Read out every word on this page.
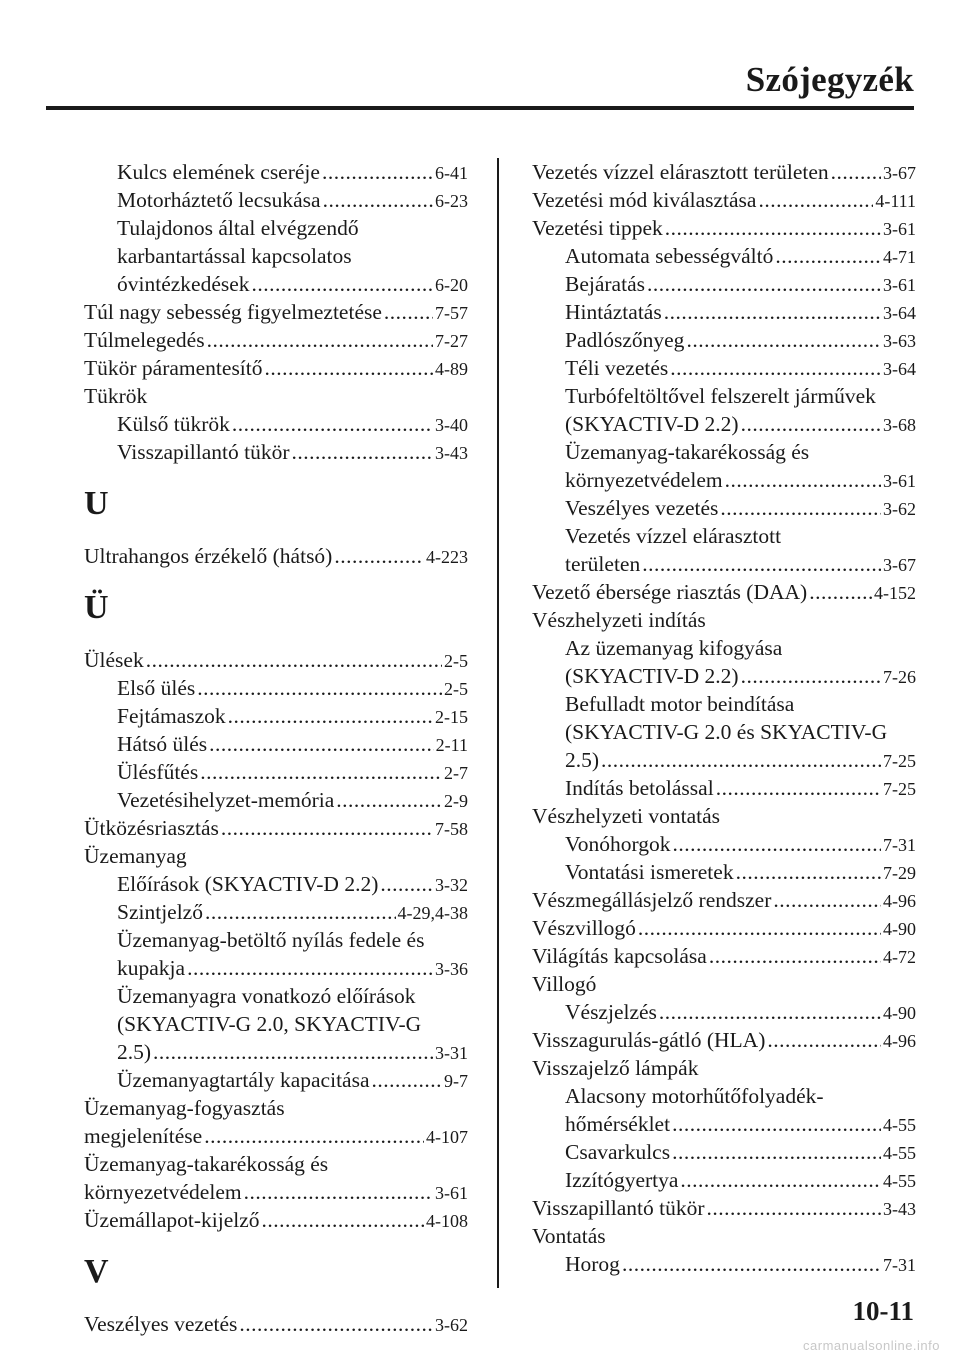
Szójegyzék
Kulcs elemének cseréje .....	6-41
Motorháztető lecsukása .....	6-23
Tulajdonos által elvégzendő
karbantartással kapcsolatos
óvintézkedések .....	6-20
Túl nagy sebesség figyelmeztetése .....	7-57
Túlmelegedés .....	7-27
Tükör páramentesítő .....	4-89
Tükrök
Külső tükrök .....	3-40
Visszapillantó tükör .....	3-43
U
Ultrahangos érzékelő (hátsó) .....	4-223
Ü
Ülések .....	2-5
Első ülés .....	2-5
Fejtámaszok .....	2-15
Hátsó ülés .....	2-11
Ülésfűtés .....	2-7
Vezetésihelyzet-memória .....	2-9
Ütközésriasztás .....	7-58
Üzemanyag
Előírások (SKYACTIV-D 2.2) .....	3-32
Szintjelző .....	4-29,4-38
Üzemanyag-betöltő nyílás fedele és
kupakja .....	3-36
Üzemanyagra vonatkozó előírások
(SKYACTIV-G 2.0, SKYACTIV-G
2.5) .....	3-31
Üzemanyagtartály kapacitása .....	9-7
Üzemanyag-fogyasztás
megjelenítése .....	4-107
Üzemanyag-takarékosság és
környezetvédelem .....	3-61
Üzemállapot-kijelző .....	4-108
V
Veszélyes vezetés .....	3-62
Vezetés vízzel elárasztott területen .....	3-67
Vezetési mód kiválasztása .....	4-111
Vezetési tippek .....	3-61
Automata sebességváltó .....	4-71
Bejáratás .....	3-61
Hintáztatás .....	3-64
Padlószőnyeg .....	3-63
Téli vezetés .....	3-64
Turbófeltöltővel felszerelt járművek
(SKYACTIV-D 2.2) .....	3-68
Üzemanyag-takarékosság és
környezetvédelem .....	3-61
Veszélyes vezetés .....	3-62
Vezetés vízzel elárasztott
területen .....	3-67
Vezető ébersége riasztás (DAA) .....	4-152
Vészhelyzeti indítás
Az üzemanyag kifogyása
(SKYACTIV-D 2.2) .....	7-26
Befulladt motor beindítása
(SKYACTIV-G 2.0 és SKYACTIV-G
2.5) .....	7-25
Indítás betolással .....	7-25
Vészhelyzeti vontatás
Vonóhorgok .....	7-31
Vontatási ismeretek .....	7-29
Vészmegállásjelző rendszer .....	4-96
Vészvillogó .....	4-90
Világítás kapcsolása .....	4-72
Villogó
Vészjelzés .....	4-90
Visszagurulás-gátló (HLA) .....	4-96
Visszajelző lámpák
Alacsony motorhűtőfolyadék-
hőmérséklet .....	4-55
Csavarkulcs .....	4-55
Izzítógyertya .....	4-55
Visszapillantó tükör .....	3-43
Vontatás
Horog .....	7-31
10-11
carmanualsonline.info
